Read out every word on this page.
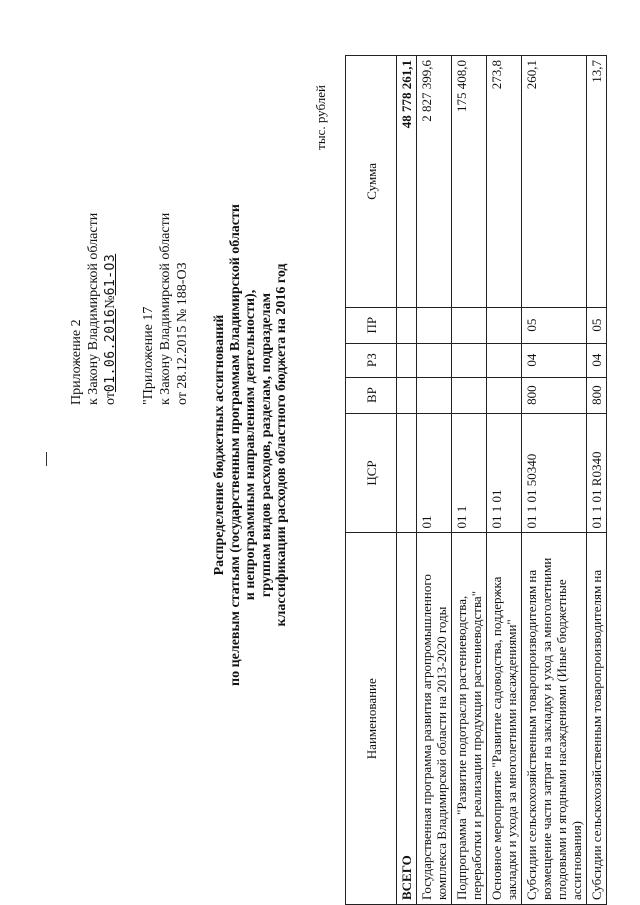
Приложение 2 к Закону Владимирской области от01.06.2016№61-ОЗ
"Приложение 17 к Закону Владимирской области от 28.12.2015 № 188-ОЗ Распределение бюджетных ассигнований по целевым статьям (государственным программам Владимирской области и непрограммным направлениям деятельности), группам видов расходов, разделам, подразделам классификации расходов областного бюджета на 2016 год
тыс. рублей
Наименование	ЦСР	ВР	РЗ	ПР	Сумма
ВСЕГО					48 778 261,1
Государственная программа развития агропромышленного комплекса Владимирской области на 2013-2020 годы	01				2 827 399,6
Подпрограмма "Развитие подотрасли растениеводства, переработки и реализации продукции растениеводства"	01 1				175 408,0
Основное мероприятие "Развитие садоводства, поддержка закладки и ухода за многолетними насаждениями"	01 1 01				273,8
Субсидии сельскохозяйственным товаропроизводителям на возмещение части затрат на закладку и уход за многолетними плодовыми и ягодными насаждениями (Иные бюджетные ассигнования)	01 1 01 50340	800	04	05	260,1
Субсидии сельскохозяйственным товаропроизводителям на	01 1 01 R0340	800	04	05	13,7
